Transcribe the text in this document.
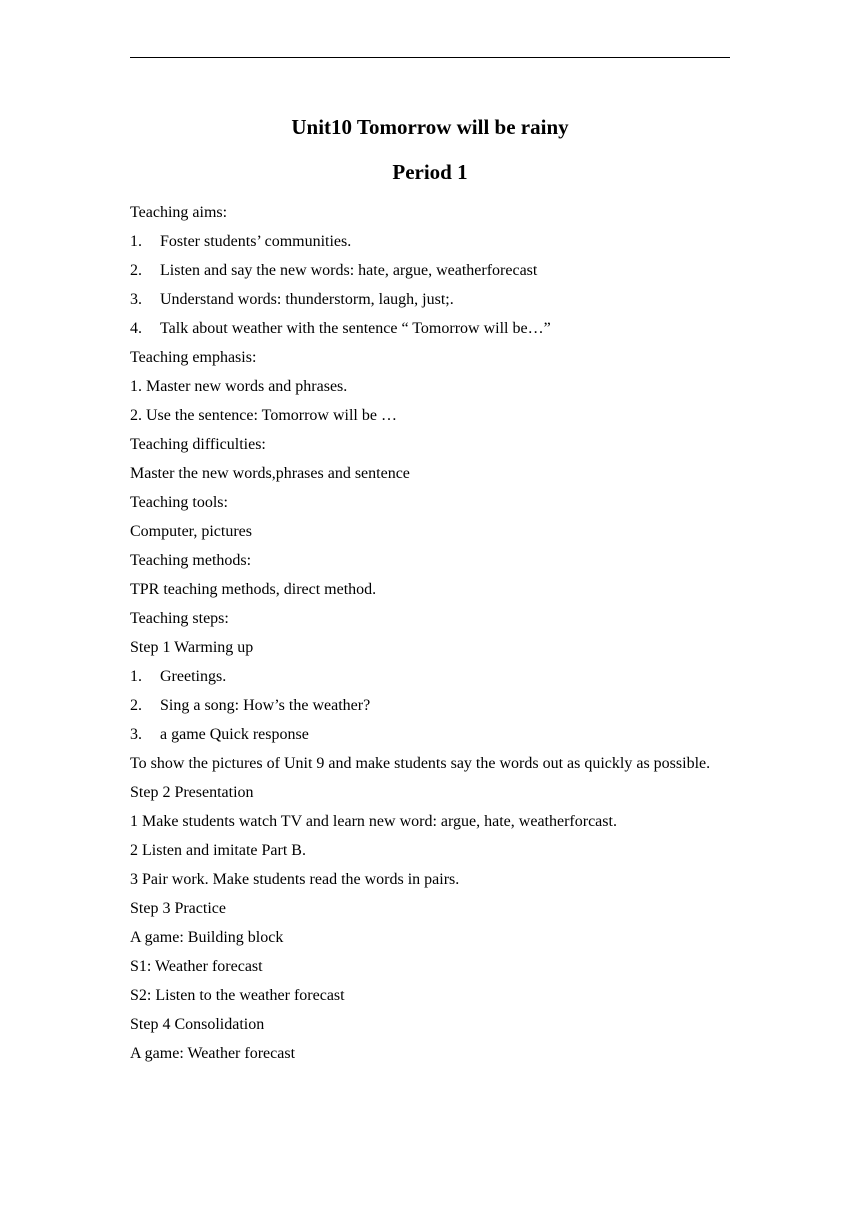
Unit10 Tomorrow will be rainy
Period 1

Teaching aims:

1.	Foster students’ communities.
2.	Listen and say the new words: hate, argue, weatherforecast
3.	Understand words: thunderstorm, laugh, just;.
4.	Talk about weather with the sentence “ Tomorrow will be…”

Teaching emphasis:

1. Master new words and phrases.

2. Use the sentence: Tomorrow will be …

Teaching difficulties:

Master the new words,phrases and sentence

Teaching tools:

Computer, pictures

Teaching methods:

TPR teaching methods, direct method.

Teaching steps:

Step 1 Warming up

1.	Greetings.
2.	Sing a song: How’s the weather?
3.	a game Quick response

To show the pictures of Unit 9 and make students say the words out as quickly as possible.

Step 2 Presentation

1 Make students watch TV and learn new word: argue, hate, weatherforcast.

2 Listen and imitate Part B.

3 Pair work. Make students read the words in pairs.

Step 3 Practice

A game: Building block

S1: Weather forecast

S2: Listen to the weather forecast

Step 4 Consolidation

A game: Weather forecast
